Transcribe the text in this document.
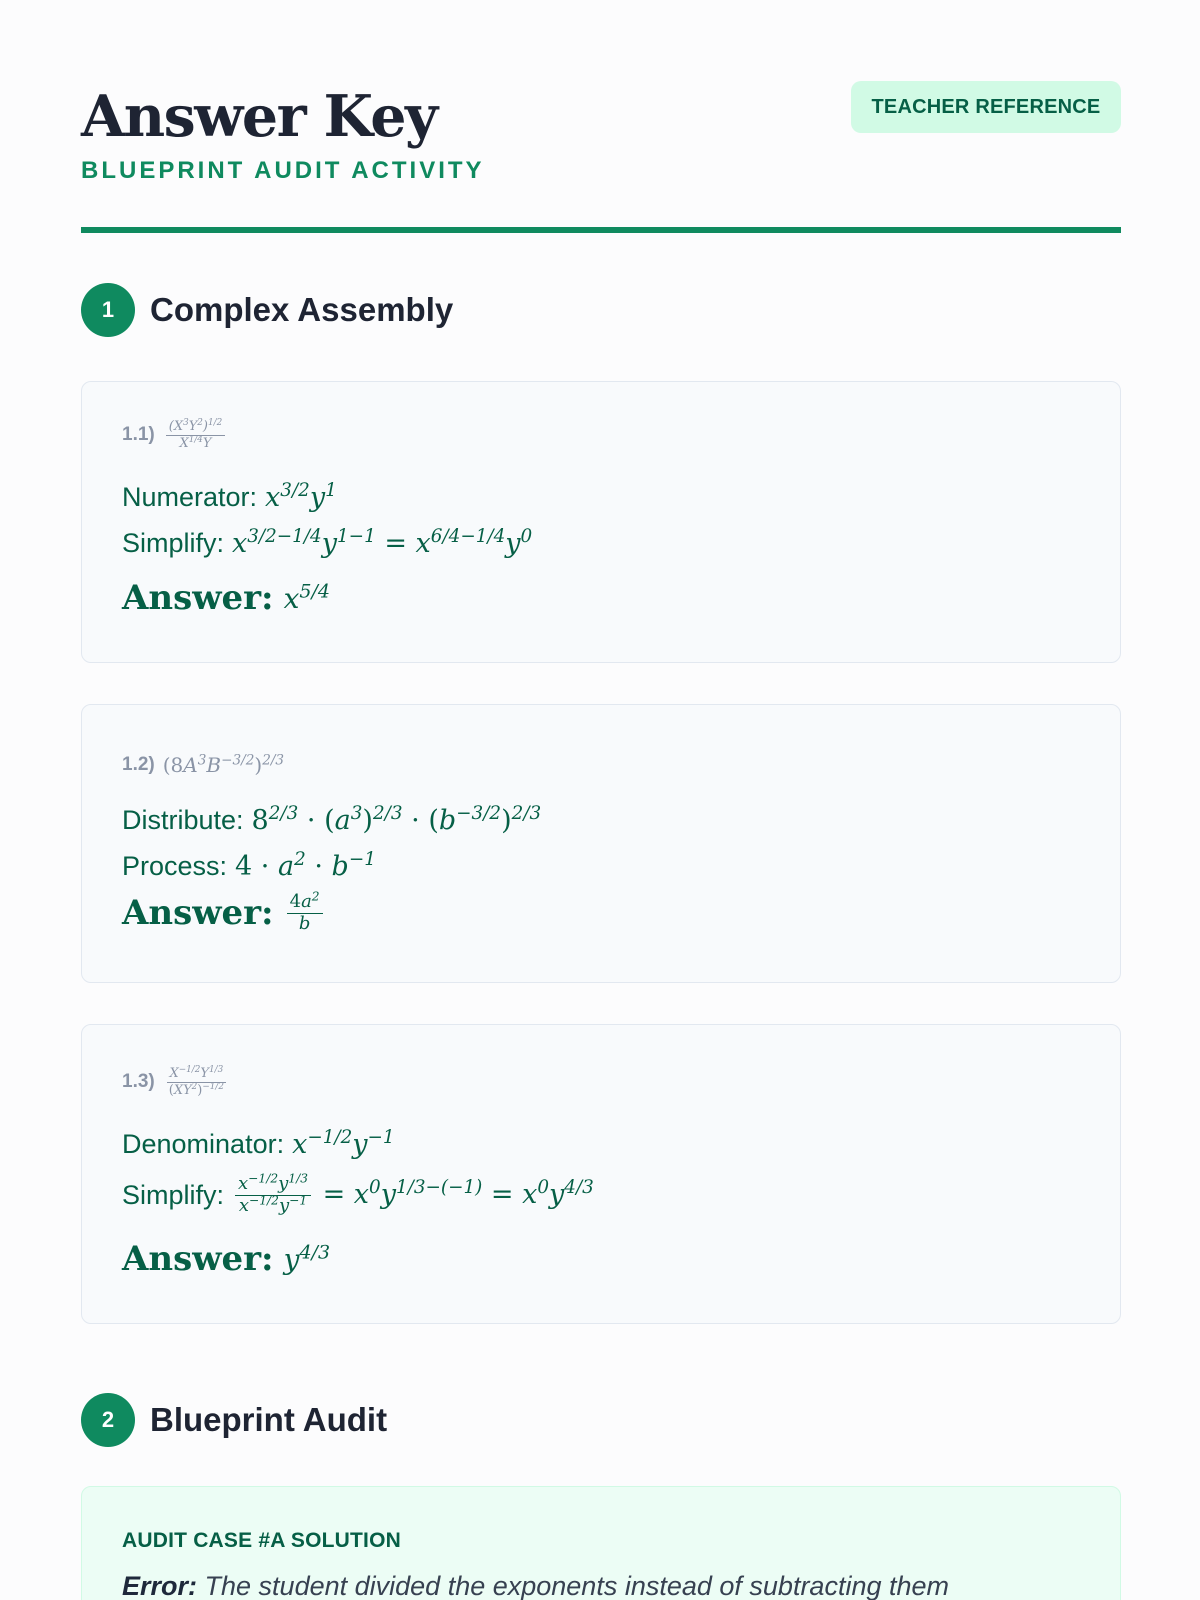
Answer Key
BLUEPRINT AUDIT ACTIVITY
TEACHER REFERENCE
1	Complex Assembly
$1.1) \frac{(X^3Y^2)^{1/2}}{X^{1/4}Y}$
Numerator: $x^{3/2}y^1$
Simplify: $x^{3/2-1/4}y^{1-1} = x^{6/4-1/4}y^0$
Answer: $x^{5/4}$
1.2) $(8A^3B^{-3/2})^{2/3}$
Distribute: $8^{2/3} \cdot (a^3)^{2/3} \cdot (b^{-3/2})^{2/3}$
Process: $4 \cdot a^2 \cdot b^{-1}$
Answer: $\frac{4a^2}{b}$
$1.3) \frac{X^{-1/2}Y^{1/3}}{(XY^2)^{-1/2}}$
Denominator: $x^{-1/2}y^{-1}$
Simplify: $\frac{x^{-1/2}y^{1/3}}{x^{-1/2}y^{-1}} = x^0y^{1/3-(-1)} = x^0y^{4/3}$
Answer: $y^{4/3}$
2	Blueprint Audit
AUDIT CASE #A SOLUTION
Error: The student divided the exponents instead of subtracting them
